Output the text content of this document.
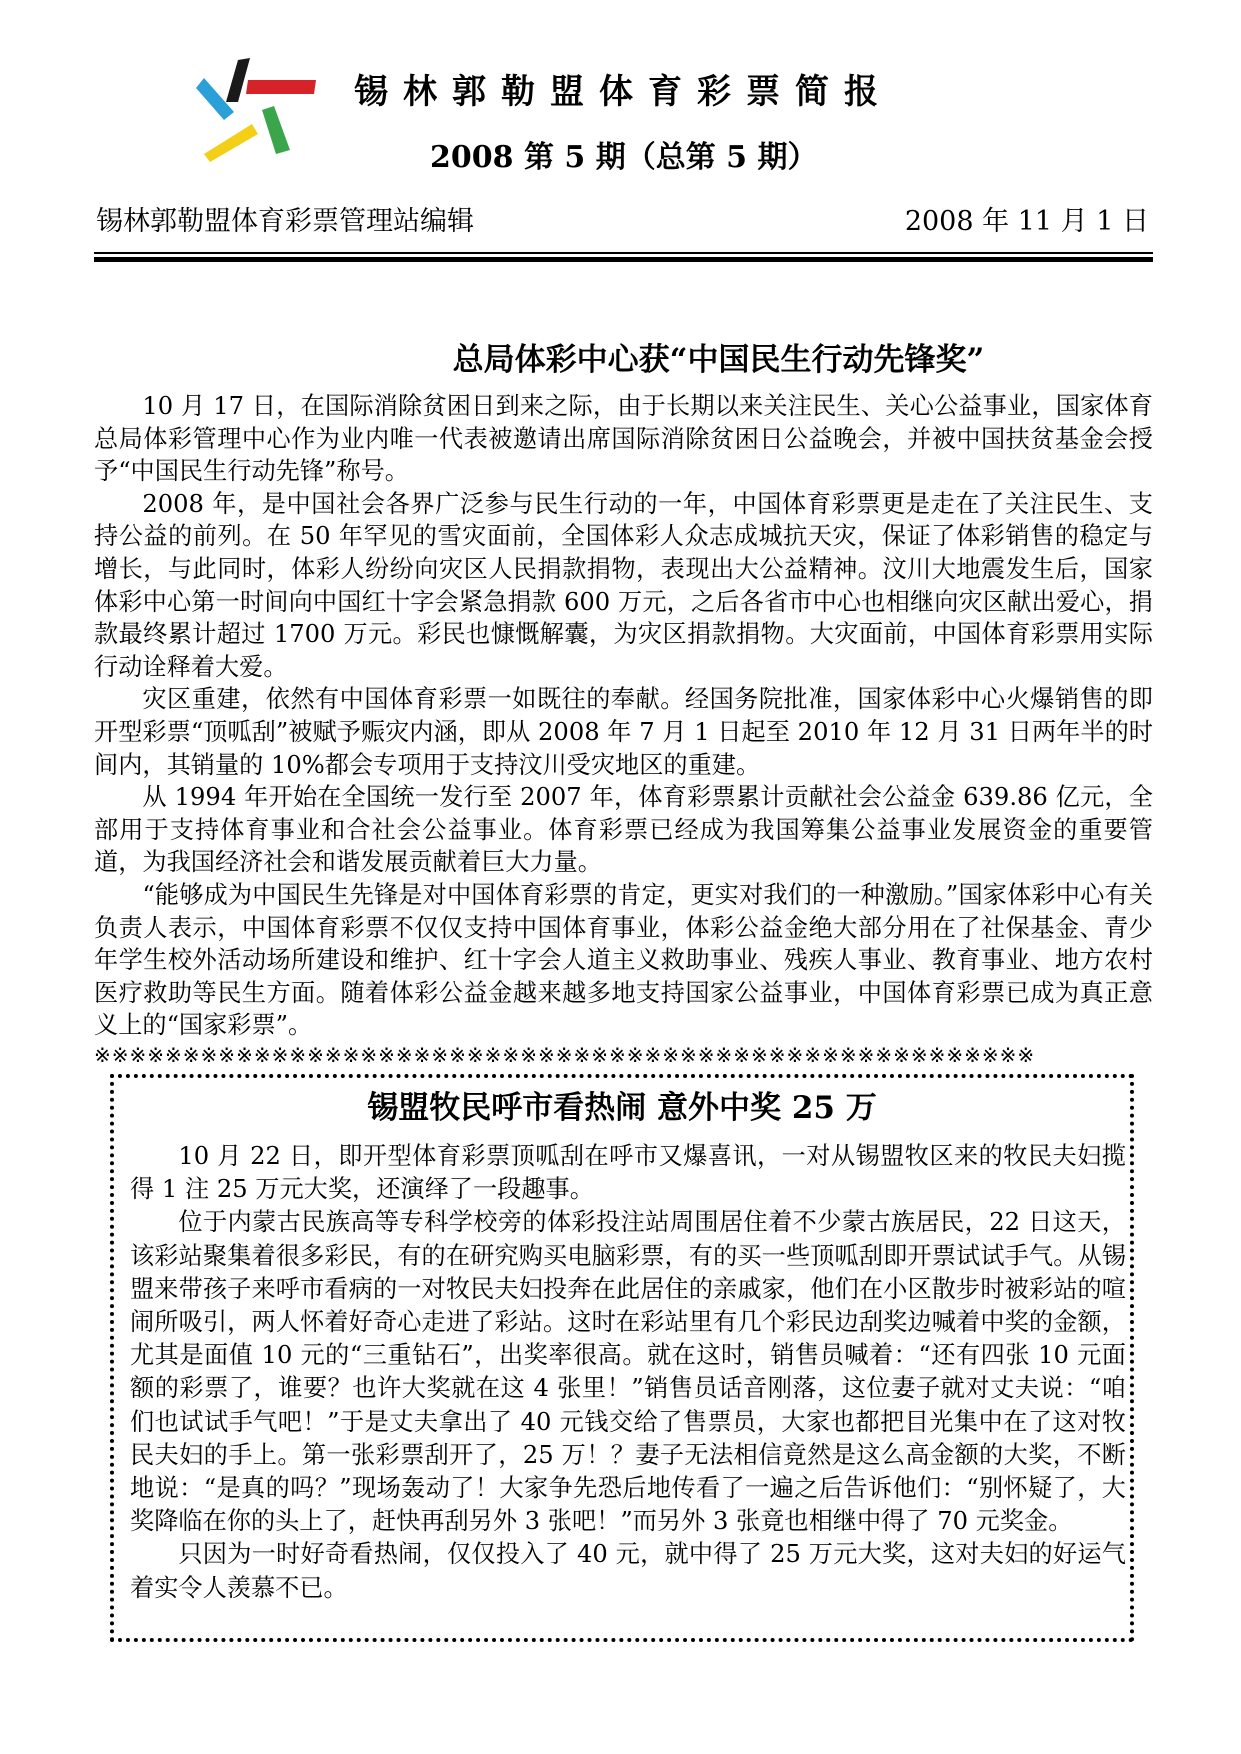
锡林郭勒盟体育彩票简报
2008 第 5 期（总第 5 期）
锡林郭勒盟体育彩票管理站编辑	2008 年 11 月 1 日
总局体彩中心获“中国民生行动先锋奖”

10 月 17 日，在国际消除贫困日到来之际，由于长期以来关注民生、关心公益事业，国家体育总局体彩管理中心作为业内唯一代表被邀请出席国际消除贫困日公益晚会，并被中国扶贫基金会授予“中国民生行动先锋”称号。

2008 年，是中国社会各界广泛参与民生行动的一年，中国体育彩票更是走在了关注民生、支持公益的前列。在 50 年罕见的雪灾面前，全国体彩人众志成城抗天灾，保证了体彩销售的稳定与增长，与此同时，体彩人纷纷向灾区人民捐款捐物，表现出大公益精神。汶川大地震发生后，国家体彩中心第一时间向中国红十字会紧急捐款 600 万元，之后各省市中心也相继向灾区献出爱心，捐款最终累计超过 1700 万元。彩民也慷慨解囊，为灾区捐款捐物。大灾面前，中国体育彩票用实际行动诠释着大爱。

灾区重建，依然有中国体育彩票一如既往的奉献。经国务院批准，国家体彩中心火爆销售的即开型彩票“顶呱刮”被赋予赈灾内涵，即从 2008 年 7 月 1 日起至 2010 年 12 月 31 日两年半的时间内，其销量的 10%都会专项用于支持汶川受灾地区的重建。

从 1994 年开始在全国统一发行至 2007 年，体育彩票累计贡献社会公益金 639.86 亿元，全部用于支持体育事业和合社会公益事业。体育彩票已经成为我国筹集公益事业发展资金的重要管道，为我国经济社会和谐发展贡献着巨大力量。

“能够成为中国民生先锋是对中国体育彩票的肯定，更实对我们的一种激励。”国家体彩中心有关负责人表示，中国体育彩票不仅仅支持中国体育事业，体彩公益金绝大部分用在了社保基金、青少年学生校外活动场所建设和维护、红十字会人道主义救助事业、残疾人事业、教育事业、地方农村医疗救助等民生方面。随着体彩公益金越来越多地支持国家公益事业，中国体育彩票已成为真正意义上的“国家彩票”。

※※※※※※※※※※※※※※※※※※※※※※※※※※※※※※※※※※※※※※※※※※※※※※※※※※※※※
锡盟牧民呼市看热闹 意外中奖 25 万

10 月 22 日，即开型体育彩票顶呱刮在呼市又爆喜讯，一对从锡盟牧区来的牧民夫妇揽得 1 注 25 万元大奖，还演绎了一段趣事。

位于内蒙古民族高等专科学校旁的体彩投注站周围居住着不少蒙古族居民，22 日这天，该彩站聚集着很多彩民，有的在研究购买电脑彩票，有的买一些顶呱刮即开票试试手气。从锡盟来带孩子来呼市看病的一对牧民夫妇投奔在此居住的亲戚家，他们在小区散步时被彩站的喧闹所吸引，两人怀着好奇心走进了彩站。这时在彩站里有几个彩民边刮奖边喊着中奖的金额，尤其是面值 10 元的“三重钻石”，出奖率很高。就在这时，销售员喊着：“还有四张 10 元面额的彩票了，谁要？也许大奖就在这 4 张里！”销售员话音刚落，这位妻子就对丈夫说：“咱们也试试手气吧！”于是丈夫拿出了 40 元钱交给了售票员，大家也都把目光集中在了这对牧民夫妇的手上。第一张彩票刮开了，25 万！？妻子无法相信竟然是这么高金额的大奖，不断地说：“是真的吗？”现场轰动了！大家争先恐后地传看了一遍之后告诉他们：“别怀疑了，大奖降临在你的头上了，赶快再刮另外 3 张吧！”而另外 3 张竟也相继中得了 70 元奖金。

只因为一时好奇看热闹，仅仅投入了 40 元，就中得了 25 万元大奖，这对夫妇的好运气着实令人羡慕不已。
